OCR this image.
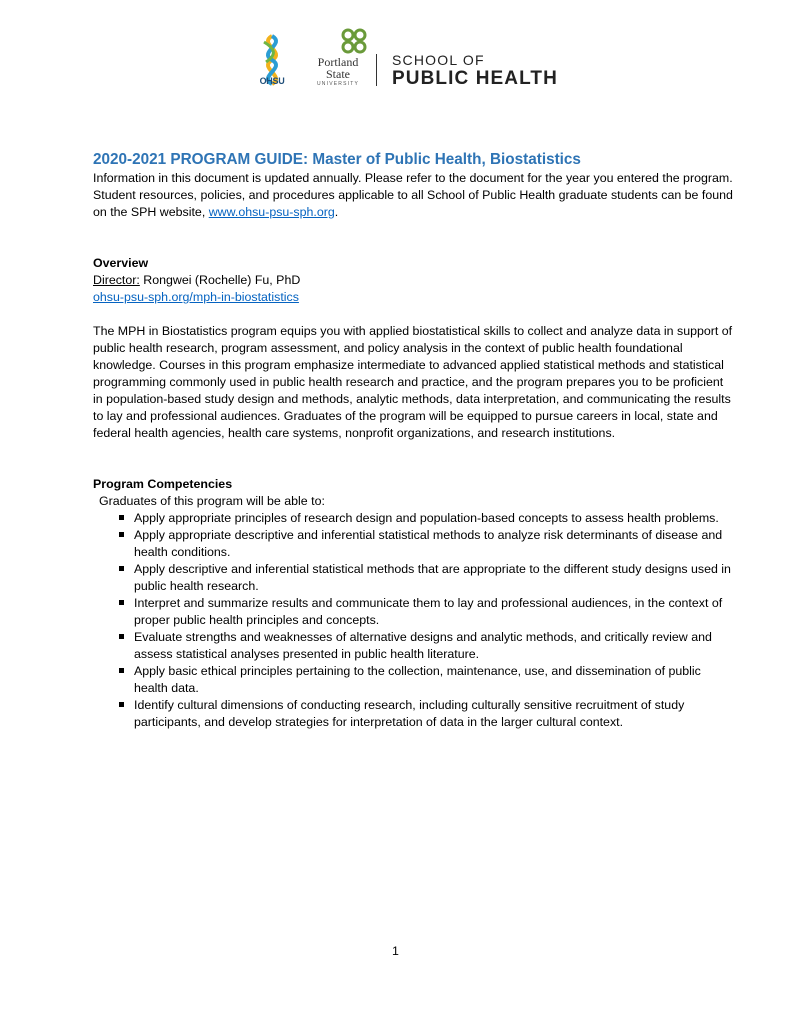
OHSU
Portland
State
UNIVERSITY
SCHOOL OF
PUBLIC HEALTH
2020-2021 PROGRAM GUIDE: Master of Public Health, Biostatistics

Information in this document is updated annually. Please refer to the document for the year you entered the program. Student resources, policies, and procedures applicable to all School of Public Health graduate students can be found on the SPH website, www.ohsu-psu-sph.org.

Overview

Director: Rongwei (Rochelle) Fu, PhD

ohsu-psu-sph.org/mph-in-biostatistics

The MPH in Biostatistics program equips you with applied biostatistical skills to collect and analyze data in support of public health research, program assessment, and policy analysis in the context of public health foundational knowledge. Courses in this program emphasize intermediate to advanced applied statistical methods and statistical programming commonly used in public health research and practice, and the program prepares you to be proficient in population-based study design and methods, analytic methods, data interpretation, and communicating the results to lay and professional audiences. Graduates of the program will be equipped to pursue careers in local, state and federal health agencies, health care systems, nonprofit organizations, and research institutions.

Program Competencies

Graduates of this program will be able to:

Apply appropriate principles of research design and population-based concepts to assess health problems.
Apply appropriate descriptive and inferential statistical methods to analyze risk determinants of disease and health conditions.
Apply descriptive and inferential statistical methods that are appropriate to the different study designs used in public health research.
Interpret and summarize results and communicate them to lay and professional audiences, in the context of proper public health principles and concepts.
Evaluate strengths and weaknesses of alternative designs and analytic methods, and critically review and assess statistical analyses presented in public health literature.
Apply basic ethical principles pertaining to the collection, maintenance, use, and dissemination of public health data.
Identify cultural dimensions of conducting research, including culturally sensitive recruitment of study participants, and develop strategies for interpretation of data in the larger cultural context.
1
